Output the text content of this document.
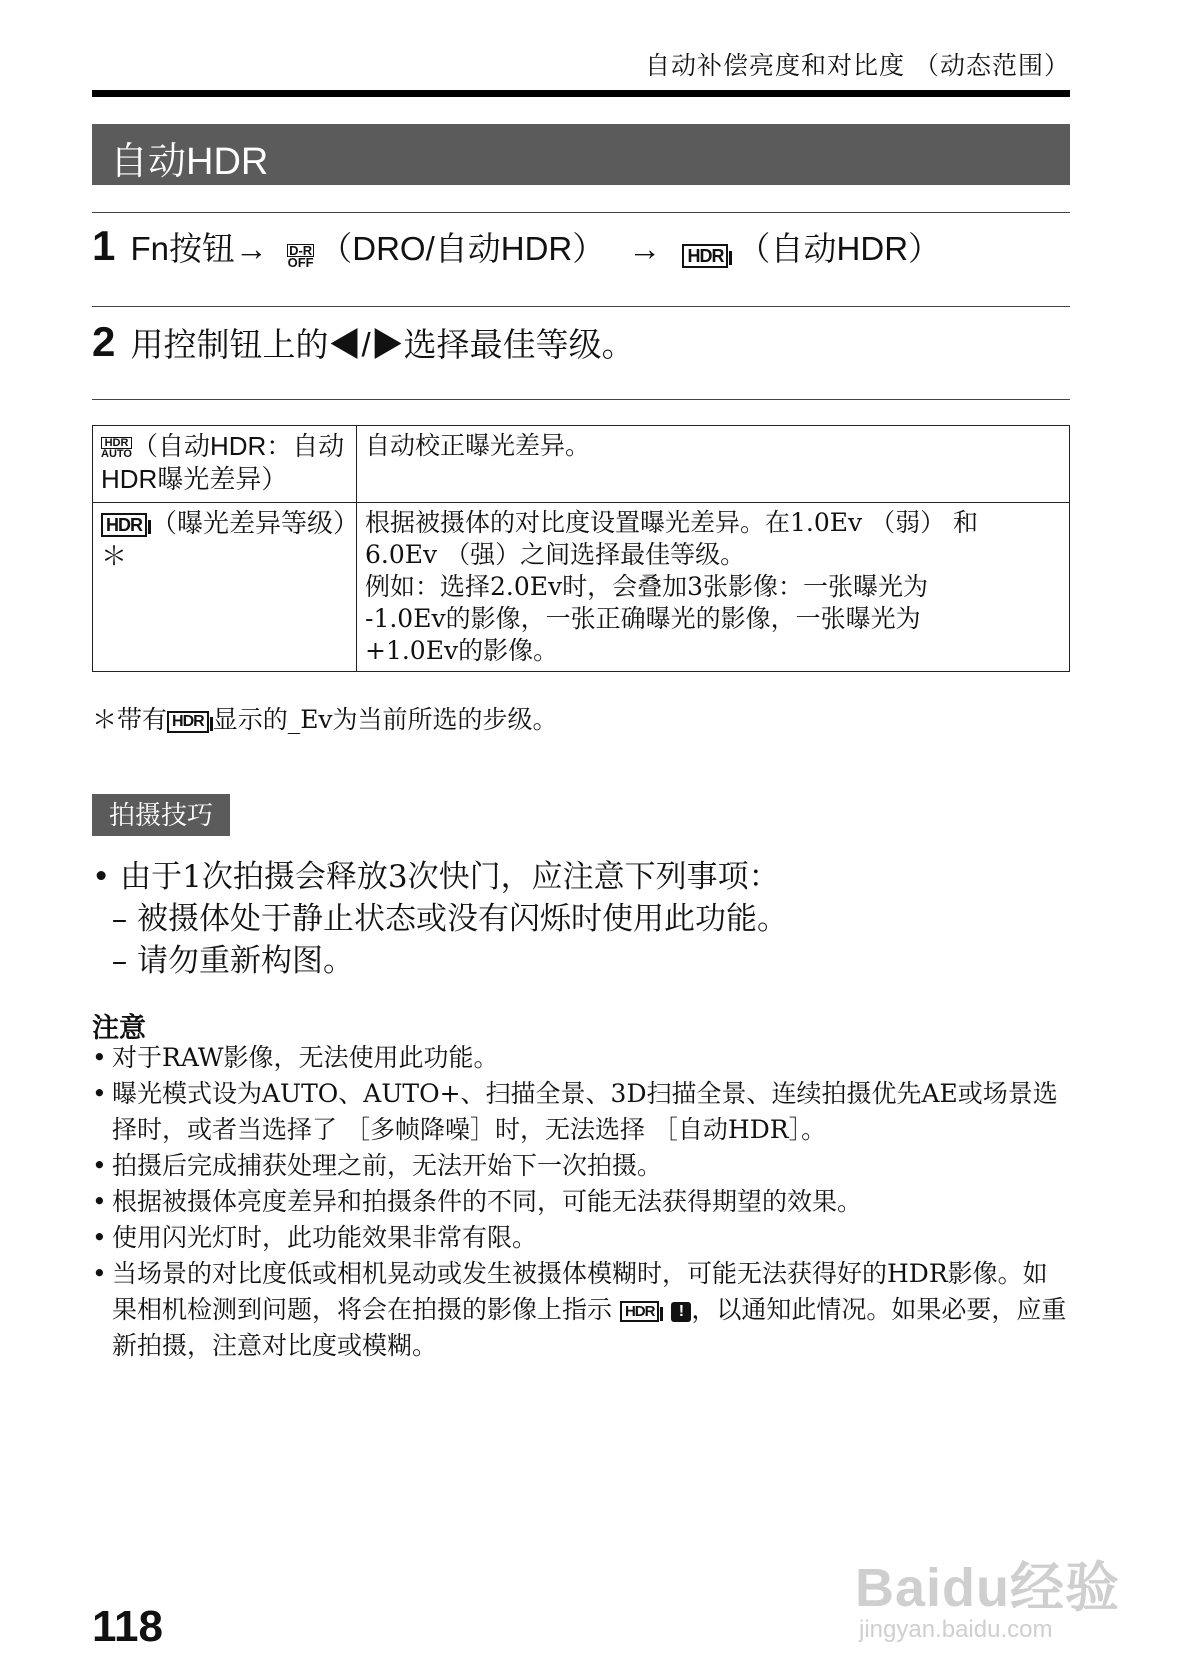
自动补偿亮度和对比度 （动态范围）
自动HDR
1 Fn按钮→ D-R
OFF （DRO/自动HDR） → HDR （自动HDR）
2 用控制钮上的◀/▶选择最佳等级。
HDR
AUTO（自动HDR：自动HDR曝光差异）	自动校正曝光差异。

HDR （曝光差异等级）＊	根据被摄体的对比度设置曝光差异。在1.0Ev （弱） 和
6.0Ev （强）之间选择最佳等级。
例如：选择2.0Ev时，会叠加3张影像：一张曝光为
-1.0Ev的影像，一张正确曝光的影像，一张曝光为
+1.0Ev的影像。
＊带有 HDR 显示的_Ev为当前所选的步级。
拍摄技巧
• 由于1次拍摄会释放3次快门，应注意下列事项：
– 被摄体处于静止状态或没有闪烁时使用此功能。
– 请勿重新构图。
注意
• 对于RAW影像，无法使用此功能。
• 曝光模式设为AUTO、AUTO+、扫描全景、3D扫描全景、连续拍摄优先AE或场景选择时，或者当选择了 ［多帧降噪］时，无法选择 ［自动HDR］。
• 拍摄后完成捕获处理之前，无法开始下一次拍摄。
• 根据被摄体亮度差异和拍摄条件的不同，可能无法获得期望的效果。
• 使用闪光灯时，此功能效果非常有限。
• 当场景的对比度低或相机晃动或发生被摄体模糊时，可能无法获得好的HDR影像。如果相机检测到问题，将会在拍摄的影像上指示 HDR ! ，以通知此情况。如果必要，应重新拍摄，注意对比度或模糊。
118
Baidu经验
jingyan.baidu.com
